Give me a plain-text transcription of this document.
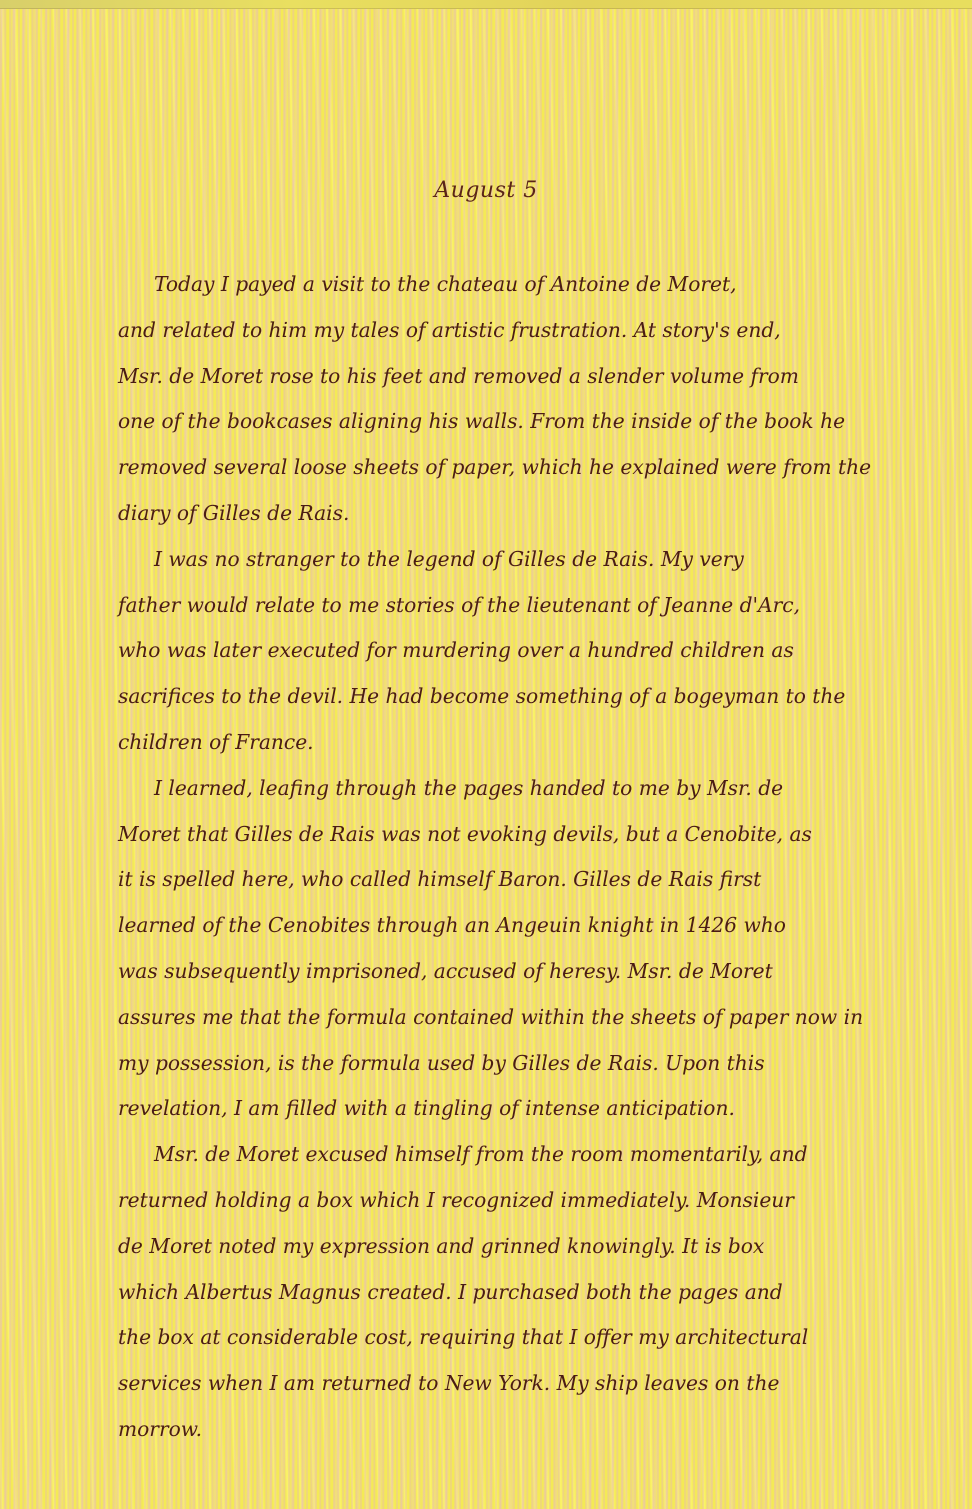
August 5
Today I payed a visit to the chateau of Antoine de Moret,
and related to him my tales of artistic frustration. At story's end,
Msr. de Moret rose to his feet and removed a slender volume from
one of the bookcases aligning his walls. From the inside of the book he
removed several loose sheets of paper, which he explained were from the
diary of Gilles de Rais.
I was no stranger to the legend of Gilles de Rais. My very
father would relate to me stories of the lieutenant of Jeanne d'Arc,
who was later executed for murdering over a hundred children as
sacrifices to the devil. He had become something of a bogeyman to the
children of France.
I learned, leafing through the pages handed to me by Msr. de
Moret that Gilles de Rais was not evoking devils, but a Cenobite, as
it is spelled here, who called himself Baron. Gilles de Rais first
learned of the Cenobites through an Angeuin knight in 1426 who
was subsequently imprisoned, accused of heresy. Msr. de Moret
assures me that the formula contained within the sheets of paper now in
my possession, is the formula used by Gilles de Rais. Upon this
revelation, I am filled with a tingling of intense anticipation.
Msr. de Moret excused himself from the room momentarily, and
returned holding a box which I recognized immediately. Monsieur
de Moret noted my expression and grinned knowingly. It is box
which Albertus Magnus created. I purchased both the pages and
the box at considerable cost, requiring that I offer my architectural
services when I am returned to New York. My ship leaves on the
morrow.
